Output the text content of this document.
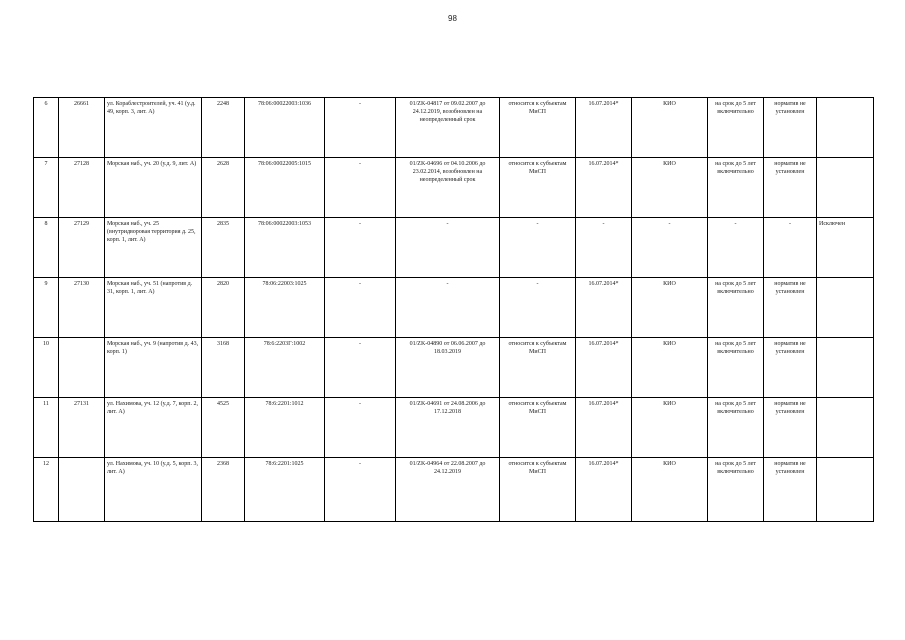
98
6	26661	ул. Кораблестроителей, уч. 41 (у.д. 49, корп. 3, лит. А)	2248	78:06:00022003:1036	-	01/ZK-04817 от 09.02.2007 до 24.12.2019, возобновлен на неопределенный срок	относится к субъектам МиСП	16.07.2014*	КИО	на срок до 5 лет включительно	норматив не установлен	
7	27128	Морская наб., уч. 20 (у.д. 9, лит. А)	2628	78:06:00022005:1015	-	01/ZK-04696 от 04.10.2006 до 23.02.2014, возобновлен на неопределенный срок	относится к субъектам МиСП	16.07.2014*	КИО	на срок до 5 лет включительно	норматив не установлен	
8	27129	Морская наб., уч. 25 (внутридворовая территория д. 25, корп. 1, лит. А)	2835	78:06:00022003:1053	-	-	-	-	-	-	-	Исключен
9	27130	Морская наб., уч. 51 (напротив д. 31, корп. 1, лит. А)	2820	78:06:22003:1025	-	-	-	16.07.2014*	КИО	на срок до 5 лет включительно	норматив не установлен	
10		Морская наб., уч. 9 (напротив д. 43, корп. 1)	3168	78:6:2203Г:1002	-	01/ZK-04890 от 06.06.2007 до 18.03.2019	относится к субъектам МиСП	16.07.2014*	КИО	на срок до 5 лет включительно	норматив не установлен	
11	27131	ул. Нахимова, уч. 12 (у.д. 7, корп. 2, лит. А)	4525	78:6:2201:1012	-	01/ZK-04691 от 24.08.2006 до 17.12.2018	относится к субъектам МиСП	16.07.2014*	КИО	на срок до 5 лет включительно	норматив не установлен	
12		ул. Нахимова, уч. 10 (у.д. 5, корп. 3, лит. А)	2368	78:6:2201:1025	-	01/ZK-04964 от 22.08.2007 до 24.12.2019	относится к субъектам МиСП	16.07.2014*	КИО	на срок до 5 лет включительно	норматив не установлен	
